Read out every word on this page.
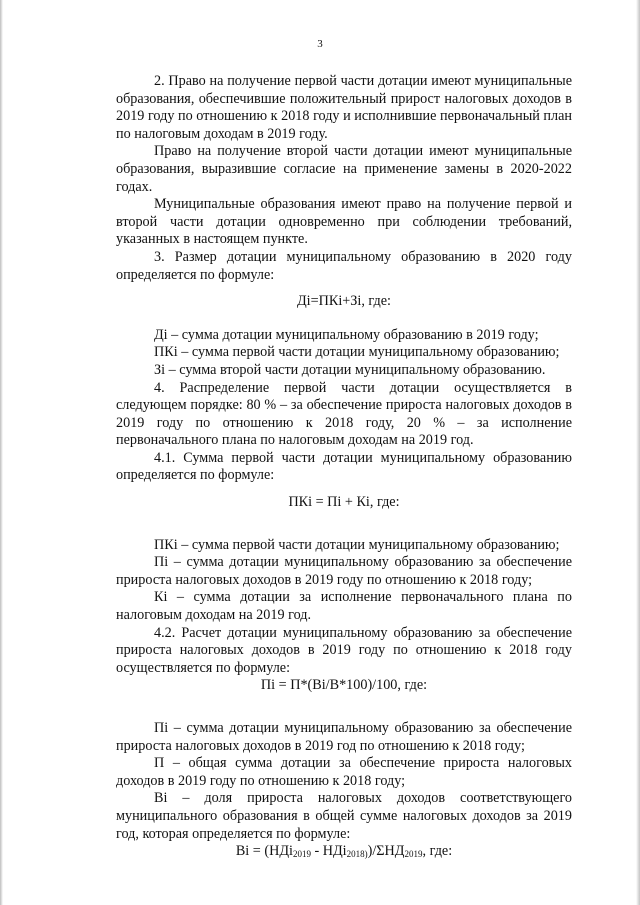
3

2. Право на получение первой части дотации имеют муниципальные образования, обеспечившие положительный прирост налоговых доходов в 2019 году по отношению к 2018 году и исполнившие первоначальный план по налоговым доходам в 2019 году.

Право на получение второй части дотации имеют муниципальные образования, выразившие согласие на применение замены в 2020-2022 годах.

Муниципальные образования имеют право на получение первой и второй части дотации одновременно при соблюдении требований, указанных в настоящем пункте.

3. Размер дотации муниципальному образованию в 2020 году определяется по формуле:

Дi=ПКi+Зi, где:

Дi – сумма дотации муниципальному образованию в 2019 году;

ПКi – сумма первой части дотации муниципальному образованию;

Зi – сумма второй части дотации муниципальному образованию.

4. Распределение первой части дотации осуществляется в следующем порядке: 80 % – за обеспечение прироста налоговых доходов в 2019 году по отношению к 2018 году, 20 % – за исполнение первоначального плана по налоговым доходам на 2019 год.

4.1. Сумма первой части дотации муниципальному образованию определяется по формуле:

ПКi = Пi + Кi, где:

ПКi – сумма первой части дотации муниципальному образованию;

Пi – сумма дотации муниципальному образованию за обеспечение прироста налоговых доходов в 2019 году по отношению к 2018 году;

Кi – сумма дотации за исполнение первоначального плана по налоговым доходам на 2019 год.

4.2. Расчет дотации муниципальному образованию за обеспечение прироста налоговых доходов в 2019 году по отношению к 2018 году осуществляется по формуле:

Пi = П*(Вi/В*100)/100, где:

Пi – сумма дотации муниципальному образованию за обеспечение прироста налоговых доходов в 2019 год по отношению к 2018 году;

П – общая сумма дотации за обеспечение прироста налоговых доходов в 2019 году по отношению к 2018 году;

Вi – доля прироста налоговых доходов соответствующего муниципального образования в общей сумме налоговых доходов за 2019 год, которая определяется по формуле:

Вi = $(НДi_{2019} - НДi_{2018)})/\Sigma НД_{2019}$, где:
